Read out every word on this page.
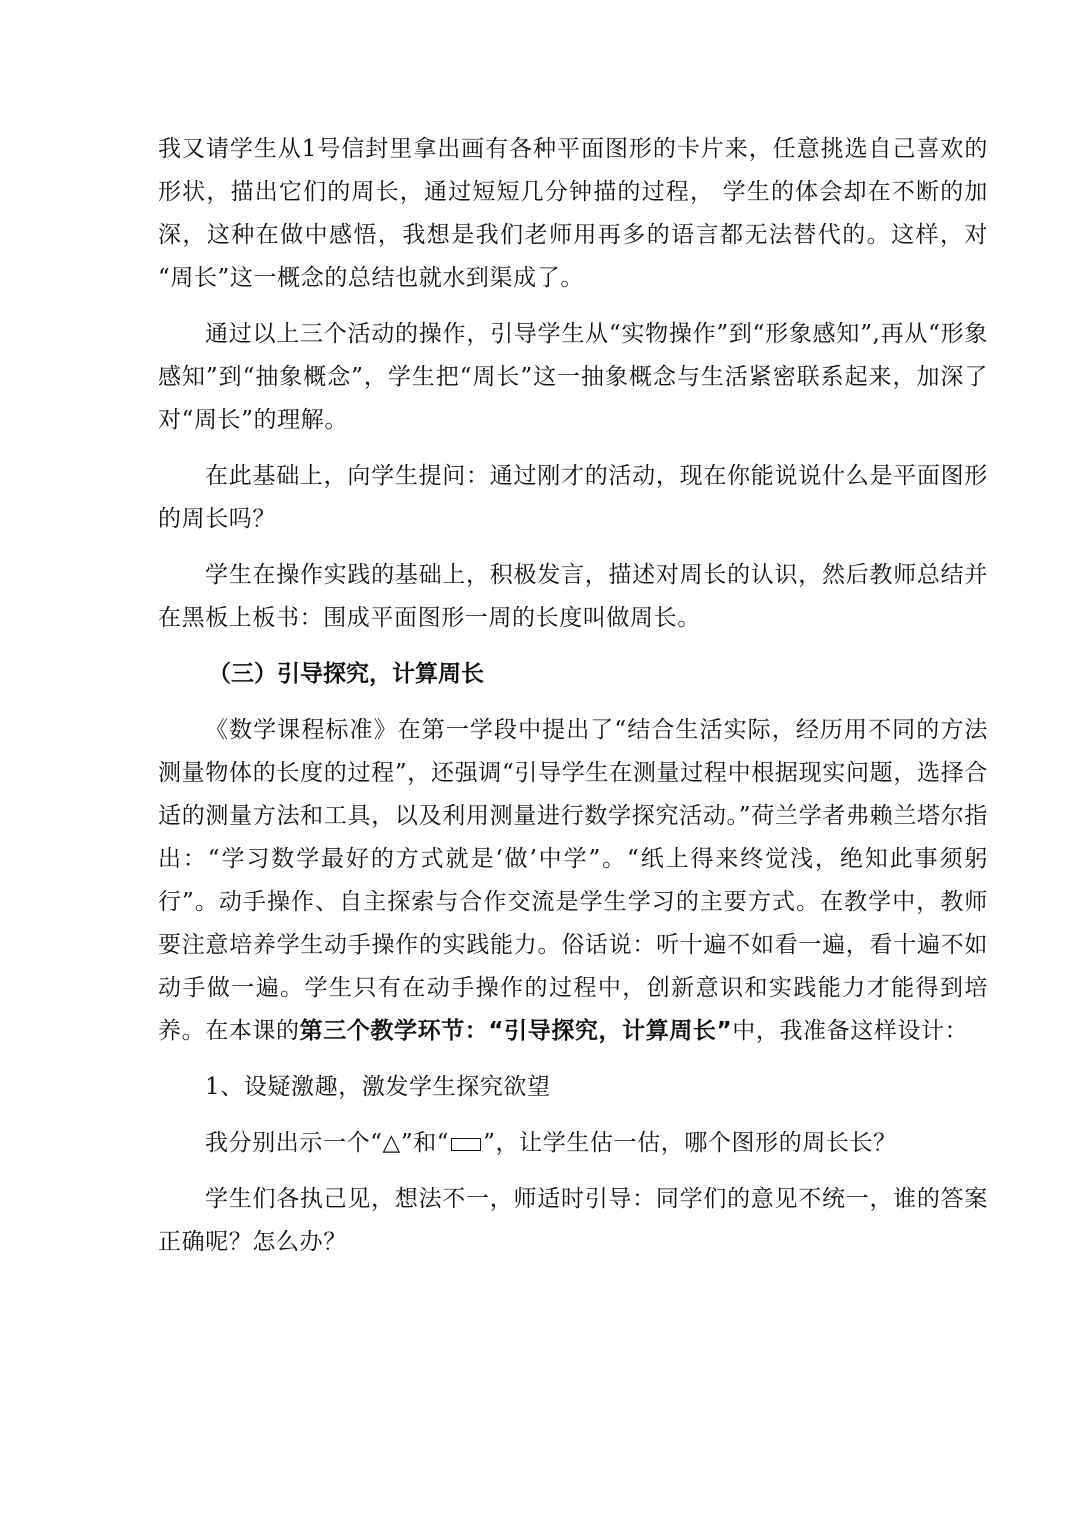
我又请学生从1号信封里拿出画有各种平面图形的卡片来，任意挑选自己喜欢的形状，描出它们的周长，通过短短几分钟描的过程， 学生的体会却在不断的加深，这种在做中感悟，我想是我们老师用再多的语言都无法替代的。这样，对 “周长”这一概念的总结也就水到渠成了。

通过以上三个活动的操作，引导学生从“实物操作”到“形象感知”,再从“形象感知”到“抽象概念”，学生把“周长”这一抽象概念与生活紧密联系起来，加深了对“周长”的理解。

在此基础上，向学生提问：通过刚才的活动，现在你能说说什么是平面图形的周长吗？

学生在操作实践的基础上，积极发言，描述对周长的认识，然后教师总结并在黑板上板书：围成平面图形一周的长度叫做周长。

（三）引导探究，计算周长

《数学课程标准》在第一学段中提出了“结合生活实际，经历用不同的方法测量物体的长度的过程”，还强调“引导学生在测量过程中根据现实问题，选择合适的测量方法和工具，以及利用测量进行数学探究活动。”荷兰学者弗赖兰塔尔指出：“学习数学最好的方式就是‘做’中学”。“纸上得来终觉浅，绝知此事须躬行”。动手操作、自主探索与合作交流是学生学习的主要方式。在教学中，教师要注意培养学生动手操作的实践能力。俗话说：听十遍不如看一遍，看十遍不如动手做一遍。学生只有在动手操作的过程中，创新意识和实践能力才能得到培养。在本课的第三个教学环节：“引导探究，计算周长”中，我准备这样设计：

1、设疑激趣，激发学生探究欲望

我分别出示一个“△”和“ ”，让学生估一估，哪个图形的周长长？

学生们各执己见，想法不一，师适时引导：同学们的意见不统一，谁的答案正确呢？怎么办？
